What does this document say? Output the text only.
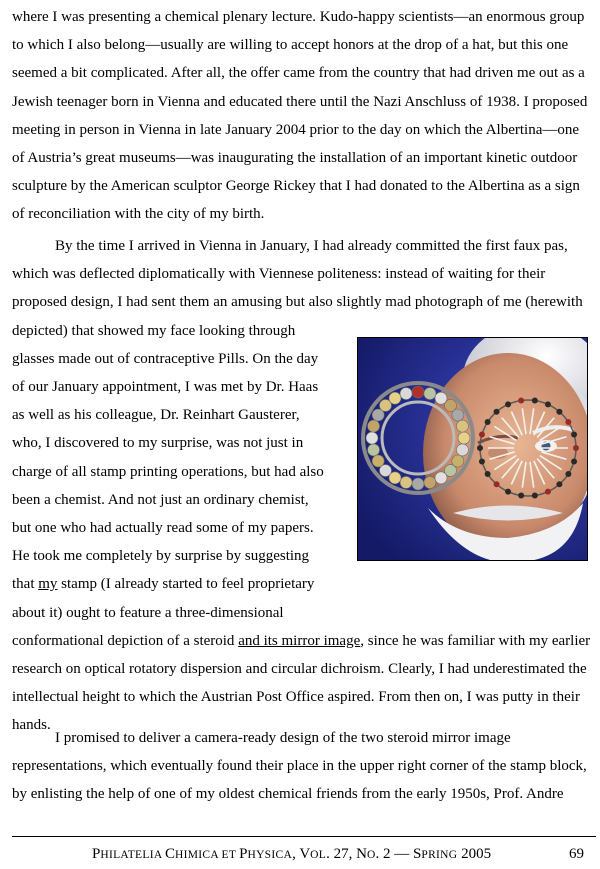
where I was presenting a chemical plenary lecture. Kudo-happy scientists—an enormous group
to which I also belong—usually are willing to accept honors at the drop of a hat, but this one
seemed a bit complicated. After all, the offer came from the country that had driven me out as a
Jewish teenager born in Vienna and educated there until the Nazi Anschluss of 1938. I proposed
meeting in person in Vienna in late January 2004 prior to the day on which the Albertina—one
of Austria’s great museums—was inaugurating the installation of an important kinetic outdoor
sculpture by the American sculptor George Rickey that I had donated to the Albertina as a sign
of reconciliation with the city of my birth.
By the time I arrived in Vienna in January, I had already committed the first faux pas,
which was deflected diplomatically with Viennese politeness: instead of waiting for their
proposed design, I had sent them an amusing but also slightly mad photograph of me (herewith
depicted) that showed my face looking through
glasses made out of contraceptive Pills. On the day
of our January appointment, I was met by Dr. Haas
as well as his colleague, Dr. Reinhart Gausterer,
who, I discovered to my surprise, was not just in
charge of all stamp printing operations, but had also
been a chemist. And not just an ordinary chemist,
but one who had actually read some of my papers.
He took me completely by surprise by suggesting
that my stamp (I already started to feel proprietary
about it) ought to feature a three-dimensional
conformational depiction of a steroid and its mirror image, since he was familiar with my earlier
research on optical rotatory dispersion and circular dichroism. Clearly, I had underestimated the
intellectual height to which the Austrian Post Office aspired. From then on, I was putty in their
hands.
I promised to deliver a camera-ready design of the two steroid mirror image
representations, which eventually found their place in the upper right corner of the stamp block,
by enlisting the help of one of my oldest chemical friends from the early 1950s, Prof. Andre
PHILATELIA CHIMICA ET PHYSICA, VOL. 27, NO. 2 — SPRING 2005	69
